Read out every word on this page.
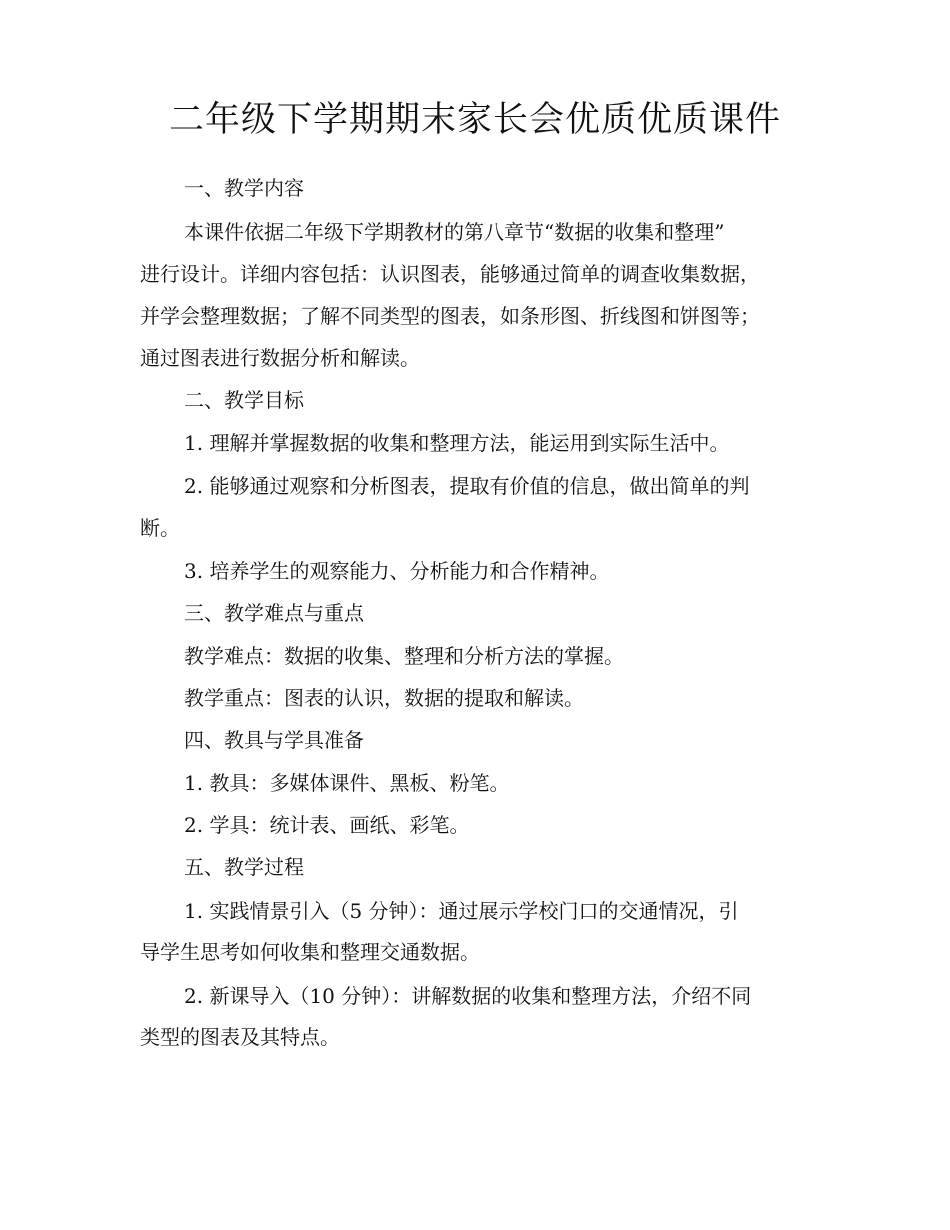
二年级下学期期末家长会优质优质课件
一、教学内容
本课件依据二年级下学期教材的第八章节“数据的收集和整理”
进行设计。详细内容包括：认识图表，能够通过简单的调查收集数据，
并学会整理数据；了解不同类型的图表，如条形图、折线图和饼图等；
通过图表进行数据分析和解读。
二、教学目标
1. 理解并掌握数据的收集和整理方法，能运用到实际生活中。
2. 能够通过观察和分析图表，提取有价值的信息，做出简单的判
断。
3. 培养学生的观察能力、分析能力和合作精神。
三、教学难点与重点
教学难点：数据的收集、整理和分析方法的掌握。
教学重点：图表的认识，数据的提取和解读。
四、教具与学具准备
1. 教具：多媒体课件、黑板、粉笔。
2. 学具：统计表、画纸、彩笔。
五、教学过程
1. 实践情景引入（5 分钟）：通过展示学校门口的交通情况，引
导学生思考如何收集和整理交通数据。
2. 新课导入（10 分钟）：讲解数据的收集和整理方法，介绍不同
类型的图表及其特点。
